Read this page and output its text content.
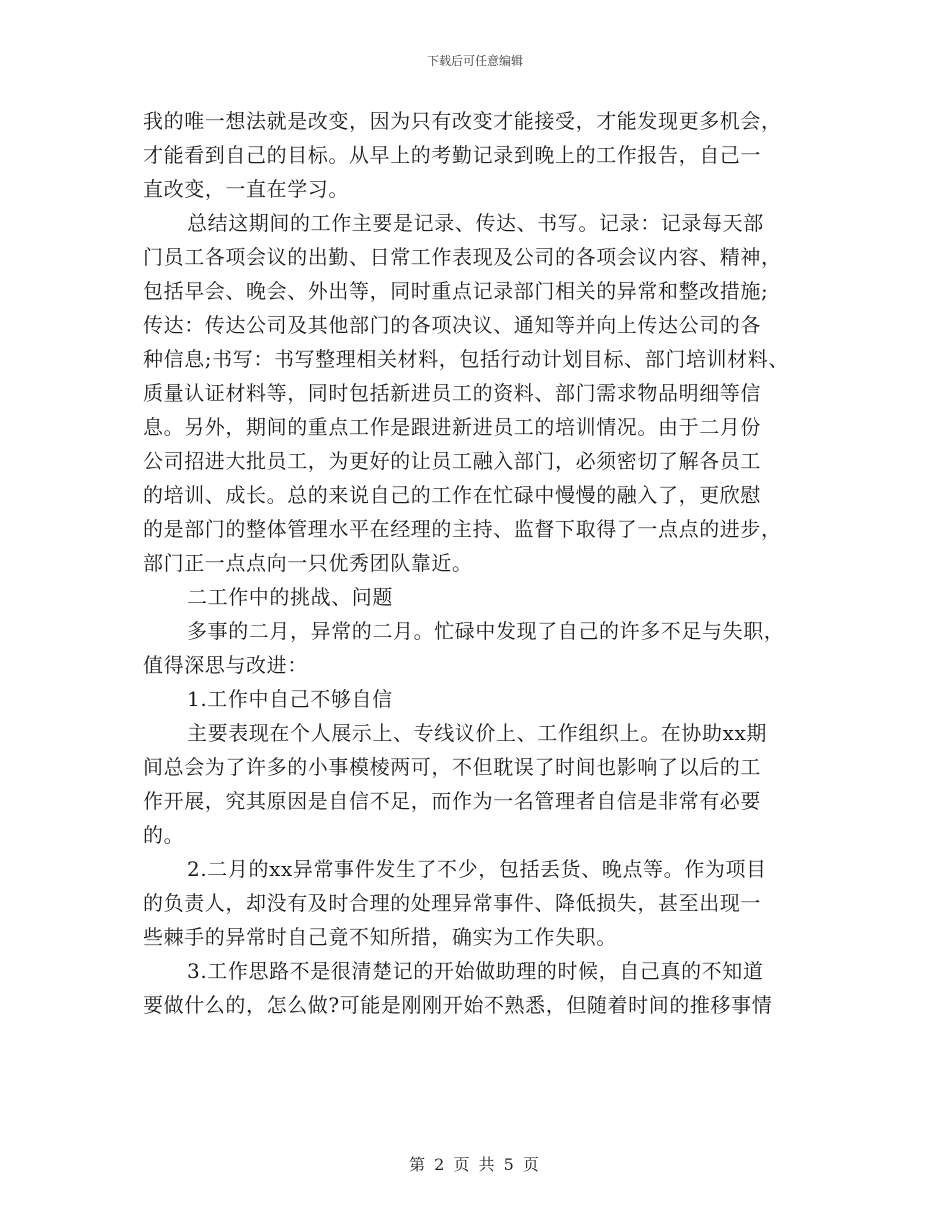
下载后可任意编辑
我的唯一想法就是改变，因为只有改变才能接受，才能发现更多机会，
才能看到自己的目标。从早上的考勤记录到晚上的工作报告，自己一
直改变，一直在学习。
总结这期间的工作主要是记录、传达、书写。记录：记录每天部
门员工各项会议的出勤、日常工作表现及公司的各项会议内容、精神，
包括早会、晚会、外出等，同时重点记录部门相关的异常和整改措施;
传达：传达公司及其他部门的各项决议、通知等并向上传达公司的各
种信息;书写：书写整理相关材料，包括行动计划目标、部门培训材料、
质量认证材料等，同时包括新进员工的资料、部门需求物品明细等信
息。另外，期间的重点工作是跟进新进员工的培训情况。由于二月份
公司招进大批员工，为更好的让员工融入部门，必须密切了解各员工
的培训、成长。总的来说自己的工作在忙碌中慢慢的融入了，更欣慰
的是部门的整体管理水平在经理的主持、监督下取得了一点点的进步，
部门正一点点向一只优秀团队靠近。
二工作中的挑战、问题
多事的二月，异常的二月。忙碌中发现了自己的许多不足与失职，
值得深思与改进：
1.工作中自己不够自信
主要表现在个人展示上、专线议价上、工作组织上。在协助xx期
间总会为了许多的小事模棱两可，不但耽误了时间也影响了以后的工
作开展，究其原因是自信不足，而作为一名管理者自信是非常有必要
的。
2.二月的xx异常事件发生了不少，包括丢货、晚点等。作为项目
的负责人，却没有及时合理的处理异常事件、降低损失，甚至出现一
些棘手的异常时自己竟不知所措，确实为工作失职。
3.工作思路不是很清楚记的开始做助理的时候，自己真的不知道
要做什么的，怎么做?可能是刚刚开始不熟悉，但随着时间的推移事情
第 2 页 共 5 页
